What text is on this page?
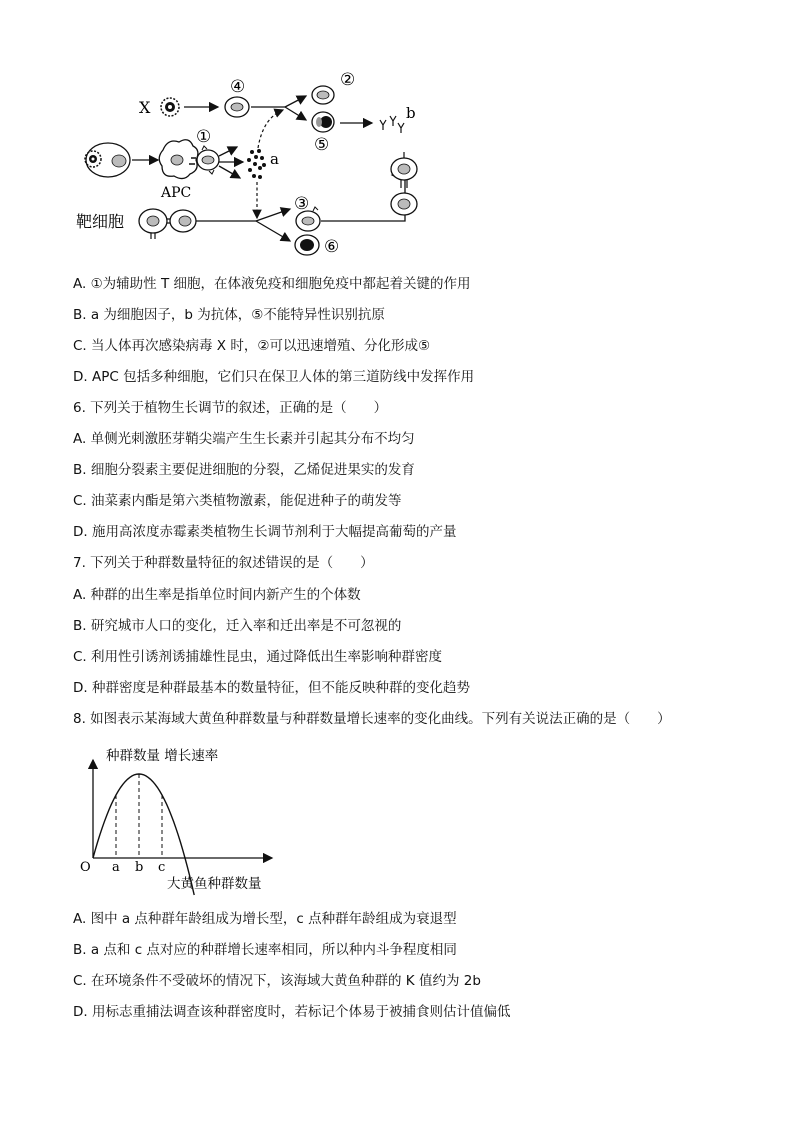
X
④	②
⑤
b
APC
①
a
靶细胞
③
⑥
A. ①为辅助性 T 细胞，在体液免疫和细胞免疫中都起着关键的作用
B. a 为细胞因子，b 为抗体，⑤不能特异性识别抗原
C. 当人体再次感染病毒 X 时，②可以迅速增殖、分化形成⑤
D. APC 包括多种细胞，它们只在保卫人体的第三道防线中发挥作用
6. 下列关于植物生长调节的叙述，正确的是（　　）
A. 单侧光刺激胚芽鞘尖端产生生长素并引起其分布不均匀
B. 细胞分裂素主要促进细胞的分裂，乙烯促进果实的发育
C. 油菜素内酯是第六类植物激素，能促进种子的萌发等
D. 施用高浓度赤霉素类植物生长调节剂利于大幅提高葡萄的产量
7. 下列关于种群数量特征的叙述错误的是（　　）
A. 种群的出生率是指单位时间内新产生的个体数
B. 研究城市人口的变化，迁入率和迁出率是不可忽视的
C. 利用性引诱剂诱捕雄性昆虫，通过降低出生率影响种群密度
D. 种群密度是种群最基本的数量特征，但不能反映种群的变化趋势
8. 如图表示某海域大黄鱼种群数量与种群数量增长速率的变化曲线。下列有关说法正确的是（　　）
种群数量 增长速率
大黄鱼种群数量
O a b c
A. 图中 a 点种群年龄组成为增长型，c 点种群年龄组成为衰退型
B. a 点和 c 点对应的种群增长速率相同，所以种内斗争程度相同
C. 在环境条件不受破坏的情况下，该海域大黄鱼种群的 K 值约为 2b
D. 用标志重捕法调查该种群密度时，若标记个体易于被捕食则估计值偏低
